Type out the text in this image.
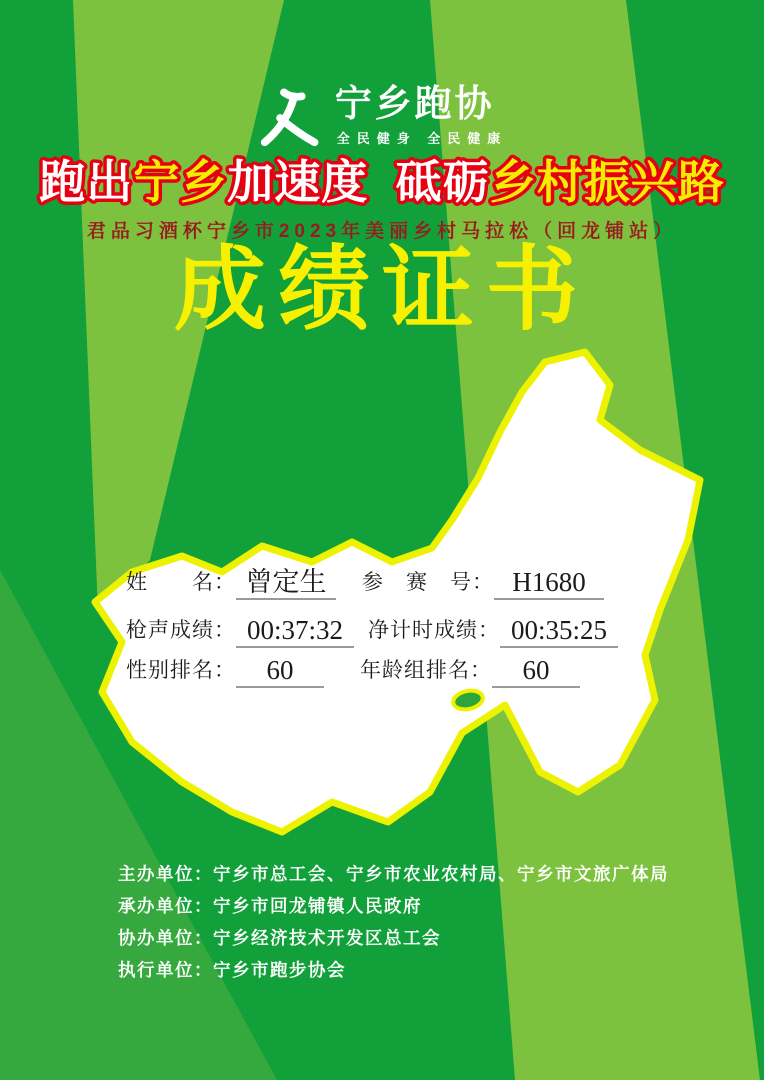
宁乡跑协
全民健身 全民健康
跑出宁乡加速度  砥砺乡村振兴路
君品习酒杯宁乡市2023年美丽乡村马拉松（回龙铺站）
成绩证书
姓　　名： 曾定生	参　赛　号： H1680
枪声成绩： 00:37:32	净计时成绩： 00:35:25
性别排名：	60	年龄组排名：	60
主办单位：宁乡市总工会、宁乡市农业农村局、宁乡市文旅广体局
承办单位：宁乡市回龙铺镇人民政府
协办单位：宁乡经济技术开发区总工会
执行单位：宁乡市跑步协会
